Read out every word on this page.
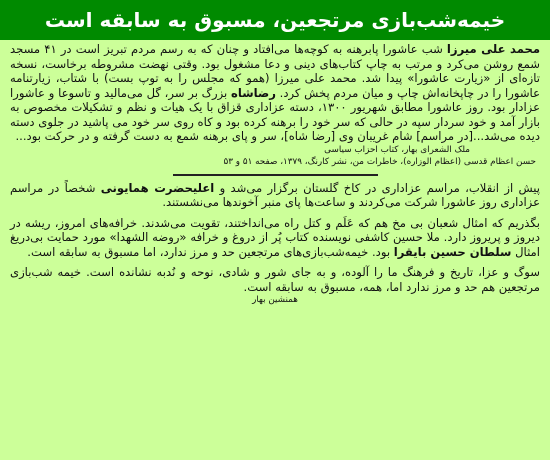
خیمه‌شب‌بازی مرتجعین، مسبوق به سابقه است

محمد علی میرزا شب عاشورا پابرهنه به کوچه‌ها می‌افتاد و چنان که به رسم مردم تبریز است در ۴۱ مسجد شمع روشن می‌کرد و مرتب به چاپ کتاب‌های دینی و دعا مشغول بود. وقتی نهضت مشروطه برخاست، نسخه تازه‌ای از «زیارت عاشورا» پیدا شد. محمد علی میرزا (همو که مجلس را به توپ بست) با شتاب، زیارتنامه عاشورا را در چاپخانه‌اش چاپ و میان مردم پخش کرد. رضاشاه بزرگ بر سر، گل می‌مالید و تاسوعا و عاشورا عزادار بود. روز عاشورا مطابق شهریور ۱۳۰۰، دسته عزاداری قزاق با یک هیات و نظم و تشکیلات مخصوص به بازار آمد و خود سردار سپه در حالی که سر خود را برهنه کرده بود و کاه روی سر خود می پاشید در جلوی دسته دیده می‌شد...[در مراسم] شام غریبان وی [رضا شاه]، سر و پای برهنه شمع به دست گرفته و در حرکت بود...

ملک الشعرای بهار، کتاب احزاب سیاسی
حسن اعظام قدسی (اعظام الوزاره)، خاطرات من، نشر کارنگ، ۱۳۷۹، صفحه ۵۱ و ۵۳

پیش از انقلاب، مراسم عزاداری در کاخ گلستان برگزار می‌شد و اعلیحضرت همایونی شخصاً در مراسم عزاداری روز عاشورا شرکت می‌کردند و ساعت‌ها پای منبر آخوندها می‌نشستند.

بگذریم که امثال شعبان بی مخ هم که عَلَم و کتل راه می‌انداختند، تقویت می‌شدند. خرافه‌های امروز، ریشه در دیروز و پریروز دارد. ملا حسین کاشفی نویسنده کتاب پُر از دروغ و خرافه «روضه الشهدا» مورد حمایت بی‌دریغ امثال سلطان حسین بایقرا بود. خیمه‌شب‌بازی‌های مرتجعین حد و مرز ندارد، اما مسبوق به سابقه است.

سوگ و عزا، تاریخ و فرهنگ ما را آلوده، و به جای شور و شادی، نوحه و نُدبه نشانده است. خیمه شب‌بازی مرتجعین هم حد و مرز ندارد اما، همه، مسبوق به سابقه است.

همنشین بهار
